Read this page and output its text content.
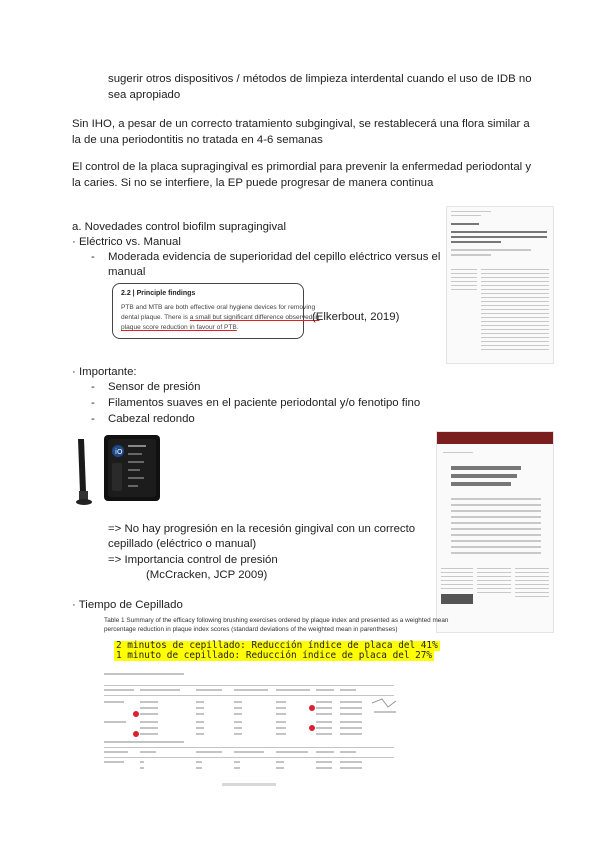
sugerir otros dispositivos / métodos de limpieza interdental cuando el uso de IDB no
sea apropiado
Sin IHO, a pesar de un correcto tratamiento subgingival, se restablecerá una flora similar a
la de una periodontitis no tratada en 4-6 semanas
El control de la placa supragingival es primordial para prevenir la enfermedad periodontal y
la caries. Si no se interfiere, la EP puede progresar de manera continua
a. Novedades control biofilm supragingival
· Eléctrico vs. Manual
- Moderada evidencia de superioridad del cepillo eléctrico versus el
manual
2.2 | Principle findings
PTB and MTB are both effective oral hygiene devices for removing
dental plaque. There is a small but significant difference observed in
plaque score reduction in favour of PTB.
(Elkerbout, 2019)
· Importante:
- Sensor de presión
- Filamentos suaves en el paciente periodontal y/o fenotipo fino
- Cabezal redondo
iO
=> No hay progresión en la recesión gingival con un correcto
cepillado (eléctrico o manual)
=> Importancia control de presión
(McCracken, JCP 2009)
· Tiempo de Cepillado
Table 1 Summary of the efficacy following brushing exercises ordered by plaque index and presented as a weighted mean
percentage reduction in plaque index scores (standard deviations of the weighted mean in parentheses)
2 minutos de cepillado: Reducción índice de placa del 41%
1 minuto de cepillado: Reducción índice de placa del 27%
